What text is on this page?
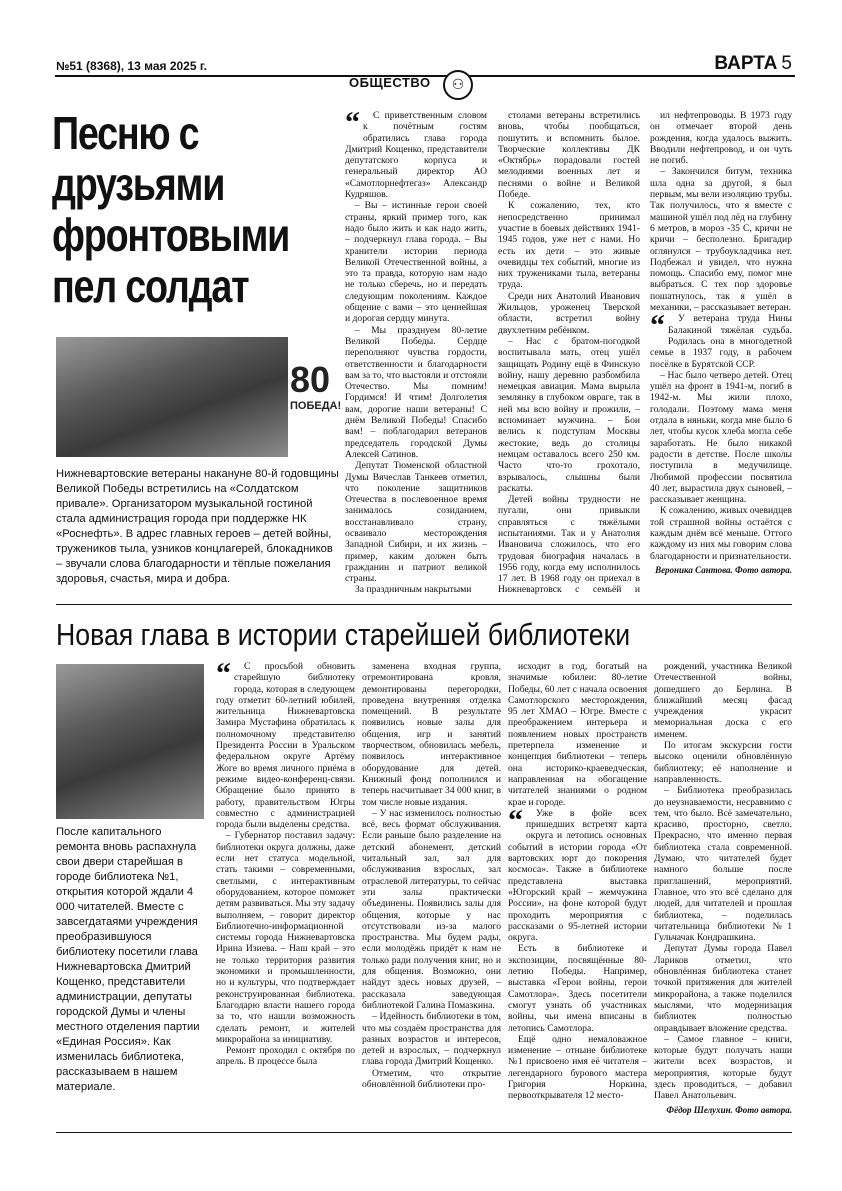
№51 (8368), 13 мая 2025 г.	ВАРТА 5
ОБЩЕСТВО	⚇
Песню с друзьями фронтовыми пел солдат
80
ПОБЕДА!
Нижневартовские ветераны накануне 80-й годовщины Великой Победы встретились на «Солдатском привале». Организатором музыкальной гостиной стала администрация города при поддержке НК «Роснефть». В адрес главных героев – детей войны, тружеников тыла, узников концлагерей, блокадников – звучали слова благодарности и тёплые пожелания здоровья, счастья, мира и добра.
“	С приветственным словом к почётным гостям обратились глава города Дмитрий Кощенко, представители депутатского корпуса и генеральный директор АО «Самотлорнефтегаз» Александр Кудряшов.

– Вы – истинные герои своей страны, яркий пример того, как надо было жить и как надо жить, – подчеркнул глава города. – Вы хранители истории периода Великой Отечественной войны, а это та правда, которую нам надо не только сберечь, но и передать следующим поколениям. Каждое общение с вами – это ценнейшая и дорогая сердцу минута.

– Мы празднуем 80-летие Великой Победы. Сердце переполняют чувства гордости, ответственности и благодарности вам за то, что выстояли и отстояли Отечество. Мы помним! Гордимся! И чтим! Долголетия вам, дорогие наши ветераны! С днём Великой Победы! Спасибо вам! – поблагодарил ветеранов председатель городской Думы Алексей Сатинов.

Депутат Тюменской областной Думы Вячеслав Танкеев отметил, что поколение защитников Отечества в послевоенное время занималось созиданием, восстанавливало страну, осваивало месторождения Западной Сибири, и их жизнь – пример, каким должен быть гражданин и патриот великой страны.

За праздничным накрытыми

столами ветераны встретились вновь, чтобы пообщаться, пошутить и вспомнить былое. Творческие коллективы ДК «Октябрь» порадовали гостей мелодиями военных лет и песнями о войне и Великой Победе.

К сожалению, тех, кто непосредственно принимал участие в боевых действиях 1941-1945 годов, уже нет с нами. Но есть их дети – это живые очевидцы тех событий, многие из них тружениками тыла, ветераны труда.

Среди них Анатолий Иванович Жильцов, уроженец Тверской области, встретил войну двухлетним ребёнком.

– Нас с братом-погодкой воспитывала мать, отец ушёл защищать Родину ещё в Финскую войну, нашу деревню разбомбила немецкая авиация. Мама вырыла землянку в глубоком овраге, так в ней мы всю войну и прожили, – вспоминает мужчина. – Бои велись к подступам Москвы жестокие, ведь до столицы немцам оставалось всего 250 км. Часто что-то грохотало, взрывалось, слышны были раскаты.

Детей войны трудности не пугали, они привыкли справляться с тяжёлыми испытаниями. Так и у Анатолия Ивановича сложилось, что его трудовая биография началась в 1956 году, когда ему исполнилось 17 лет. В 1968 году он приехал в Нижневартовск с семьёй и

ил нефтепроводы. В 1973 году он отмечает второй день рождения, когда удалось выжить. Вводили нефтепровод, и он чуть не погиб.

– Закончился битум, техника шла одна за другой, я был первым, мы вели изоляцию трубы. Так получилось, что я вместе с машиной ушёл под лёд на глубину 6 метров, в мороз -35 С, кричи не кричи – бесполезно. Бригадир оглянулся – трубоукладчика нет. Подбежал и увидел, что нужна помощь. Спасибо ему, помог мне выбраться. С тех пор здоровье пошатнулось, так я ушёл в механики, – рассказывает ветеран.

“	У ветерана труда Нины Балакиной тяжёлая судьба. Родилась она в многодетной семье в 1937 году, в рабочем посёлке в Бурятской ССР.

– Нас было четверо детей. Отец ушёл на фронт в 1941-м, погиб в 1942-м. Мы жили плохо, голодали. Поэтому мама меня отдала в няньки, когда мне было 6 лет, чтобы кусок хлеба могла себе заработать. Не было никакой радости в детстве. После школы поступила в медучилище. Любимой профессии посвятила 40 лет, вырастила двух сыновей, – рассказывает женщина.

К сожалению, живых очевидцев той страшной войны остаётся с каждым днём всё меньше. Оттого каждому из них мы говорим слова благодарности и признательности.

Вероника Сантова. Фото автора.
Новая глава в истории старейшей библиотеки
После капитального ремонта вновь распахнула свои двери старейшая в городе библиотека №1, открытия которой ждали 4 000 читателей. Вместе с завсегдатаями учреждения преобразившуюся библиотеку посетили глава Нижневартовска Дмитрий Кощенко, представители администрации, депутаты городской Думы и члены местного отделения партии «Единая Россия». Как изменилась библиотека, рассказываем в нашем материале.
“	С просьбой обновить старейшую библиотеку города, которая в следующем году отметит 60-летний юбилей, жительница Нижневартовска Замира Мустафина обратилась к полномочному представителю Президента России в Уральском федеральном округе Артёму Жоге во время личного приёма в режиме видео-конференц-связи. Обращение было принято в работу, правительством Югры совместно с администрацией города были выделены средства.

– Губернатор поставил задачу: библиотеки округа должны, даже если нет статуса модельной, стать такими – современными, светлыми, с интерактивным оборудованием, которое поможет детям развиваться. Мы эту задачу выполняем, – говорит директор Библиотечно-информационной системы города Нижневартовска Ирина Изиева. – Наш край – это не только территория развития экономики и промышленности, но и культуры, что подтверждает реконструированная библиотека. Благодарю власти нашего города за то, что нашли возможность сделать ремонт, и жителей микрорайона за инициативу.

Ремонт проходил с октября по апрель. В процессе была

заменена входная группа, отремонтирована кровля, демонтированы перегородки, проведена внутренняя отделка помещений. В результате появились новые залы для общения, игр и занятий творчеством, обновилась мебель, появилось интерактивное оборудование для детей. Книжный фонд пополнился и теперь насчитывает 34 000 книг, в том числе новые издания.

– У нас изменилось полностью всё, весь формат обслуживания. Если раньше было разделение на детский абонемент, детский читальный зал, зал для обслуживания взрослых, зал отраслевой литературы, то сейчас эти залы практически объединены. Появились залы для общения, которые у нас отсутствовали из-за малого пространства. Мы будем рады, если молодёжь придёт к нам не только ради получения книг, но и для общения. Возможно, они найдут здесь новых друзей, – рассказала заведующая библиотекой Галина Помазкина.

– Идейность библиотеки в том, что мы создаём пространства для разных возрастов и интересов, детей и взрослых, – подчеркнул глава города Дмитрий Кощенко.

Отметим, что открытие обновлённой библиотеки про-

исходит в год, богатый на значимые юбилеи: 80-летие Победы, 60 лет с начала освоения Самотлорского месторождения, 95 лет ХМАО – Югре. Вместе с преображением интерьера и появлением новых пространств претерпела изменение и концепция библиотеки – теперь она историко-краеведческая, направленная на обогащение читателей знаниями о родном крае и городе.

“	Уже в фойе всех пришедших встретят карта округа и летопись основных событий в истории города «От вартовских юрт до покорения космоса». Также в библиотеке представлена выставка «Югорский край – жемчужина России», на фоне которой будут проходить мероприятия с рассказами о 95-летней истории округа.

Есть в библиотеке и экспозиции, посвящённые 80-летию Победы. Например, выставка «Герои войны, герои Самотлора». Здесь посетители смогут узнать об участниках войны, чьи имена вписаны в летопись Самотлора.

Ещё одно немаловажное изменение – отныне библиотеке №1 присвоено имя её читателя – легендарного бурового мастера Григория Норкина, первооткрывателя 12 место-

рождений, участника Великой Отечественной войны, дошедшего до Берлина. В ближайший месяц фасад учреждения украсит мемориальная доска с его именем.

По итогам экскурсии гости высоко оценили обновлённую библиотеку; её наполнение и направленность.

– Библиотека преобразилась до неузнаваемости, несравнимо с тем, что было. Всё замечательно, красиво, просторно, светло. Прекрасно, что именно первая библиотека стала современной. Думаю, что читателей будет намного больше после приглашений, мероприятий. Главное, что это всё сделано для людей, для читателей и прошлая библиотека, – поделилась читательница библиотеки №1 Гульчачак Кондрашкина.

Депутат Думы города Павел Лариков отметил, что обновлённая библиотека станет точкой притяжения для жителей микрорайона, а также поделился мыслями, что модернизация библиотек полностью оправдывает вложение средства.

– Самое главное – книги, которые будут получать наши жители всех возрастов, и мероприятия, которые будут здесь проводиться, – добавил Павел Анатольевич.

Фёдор Шелухин. Фото автора.
